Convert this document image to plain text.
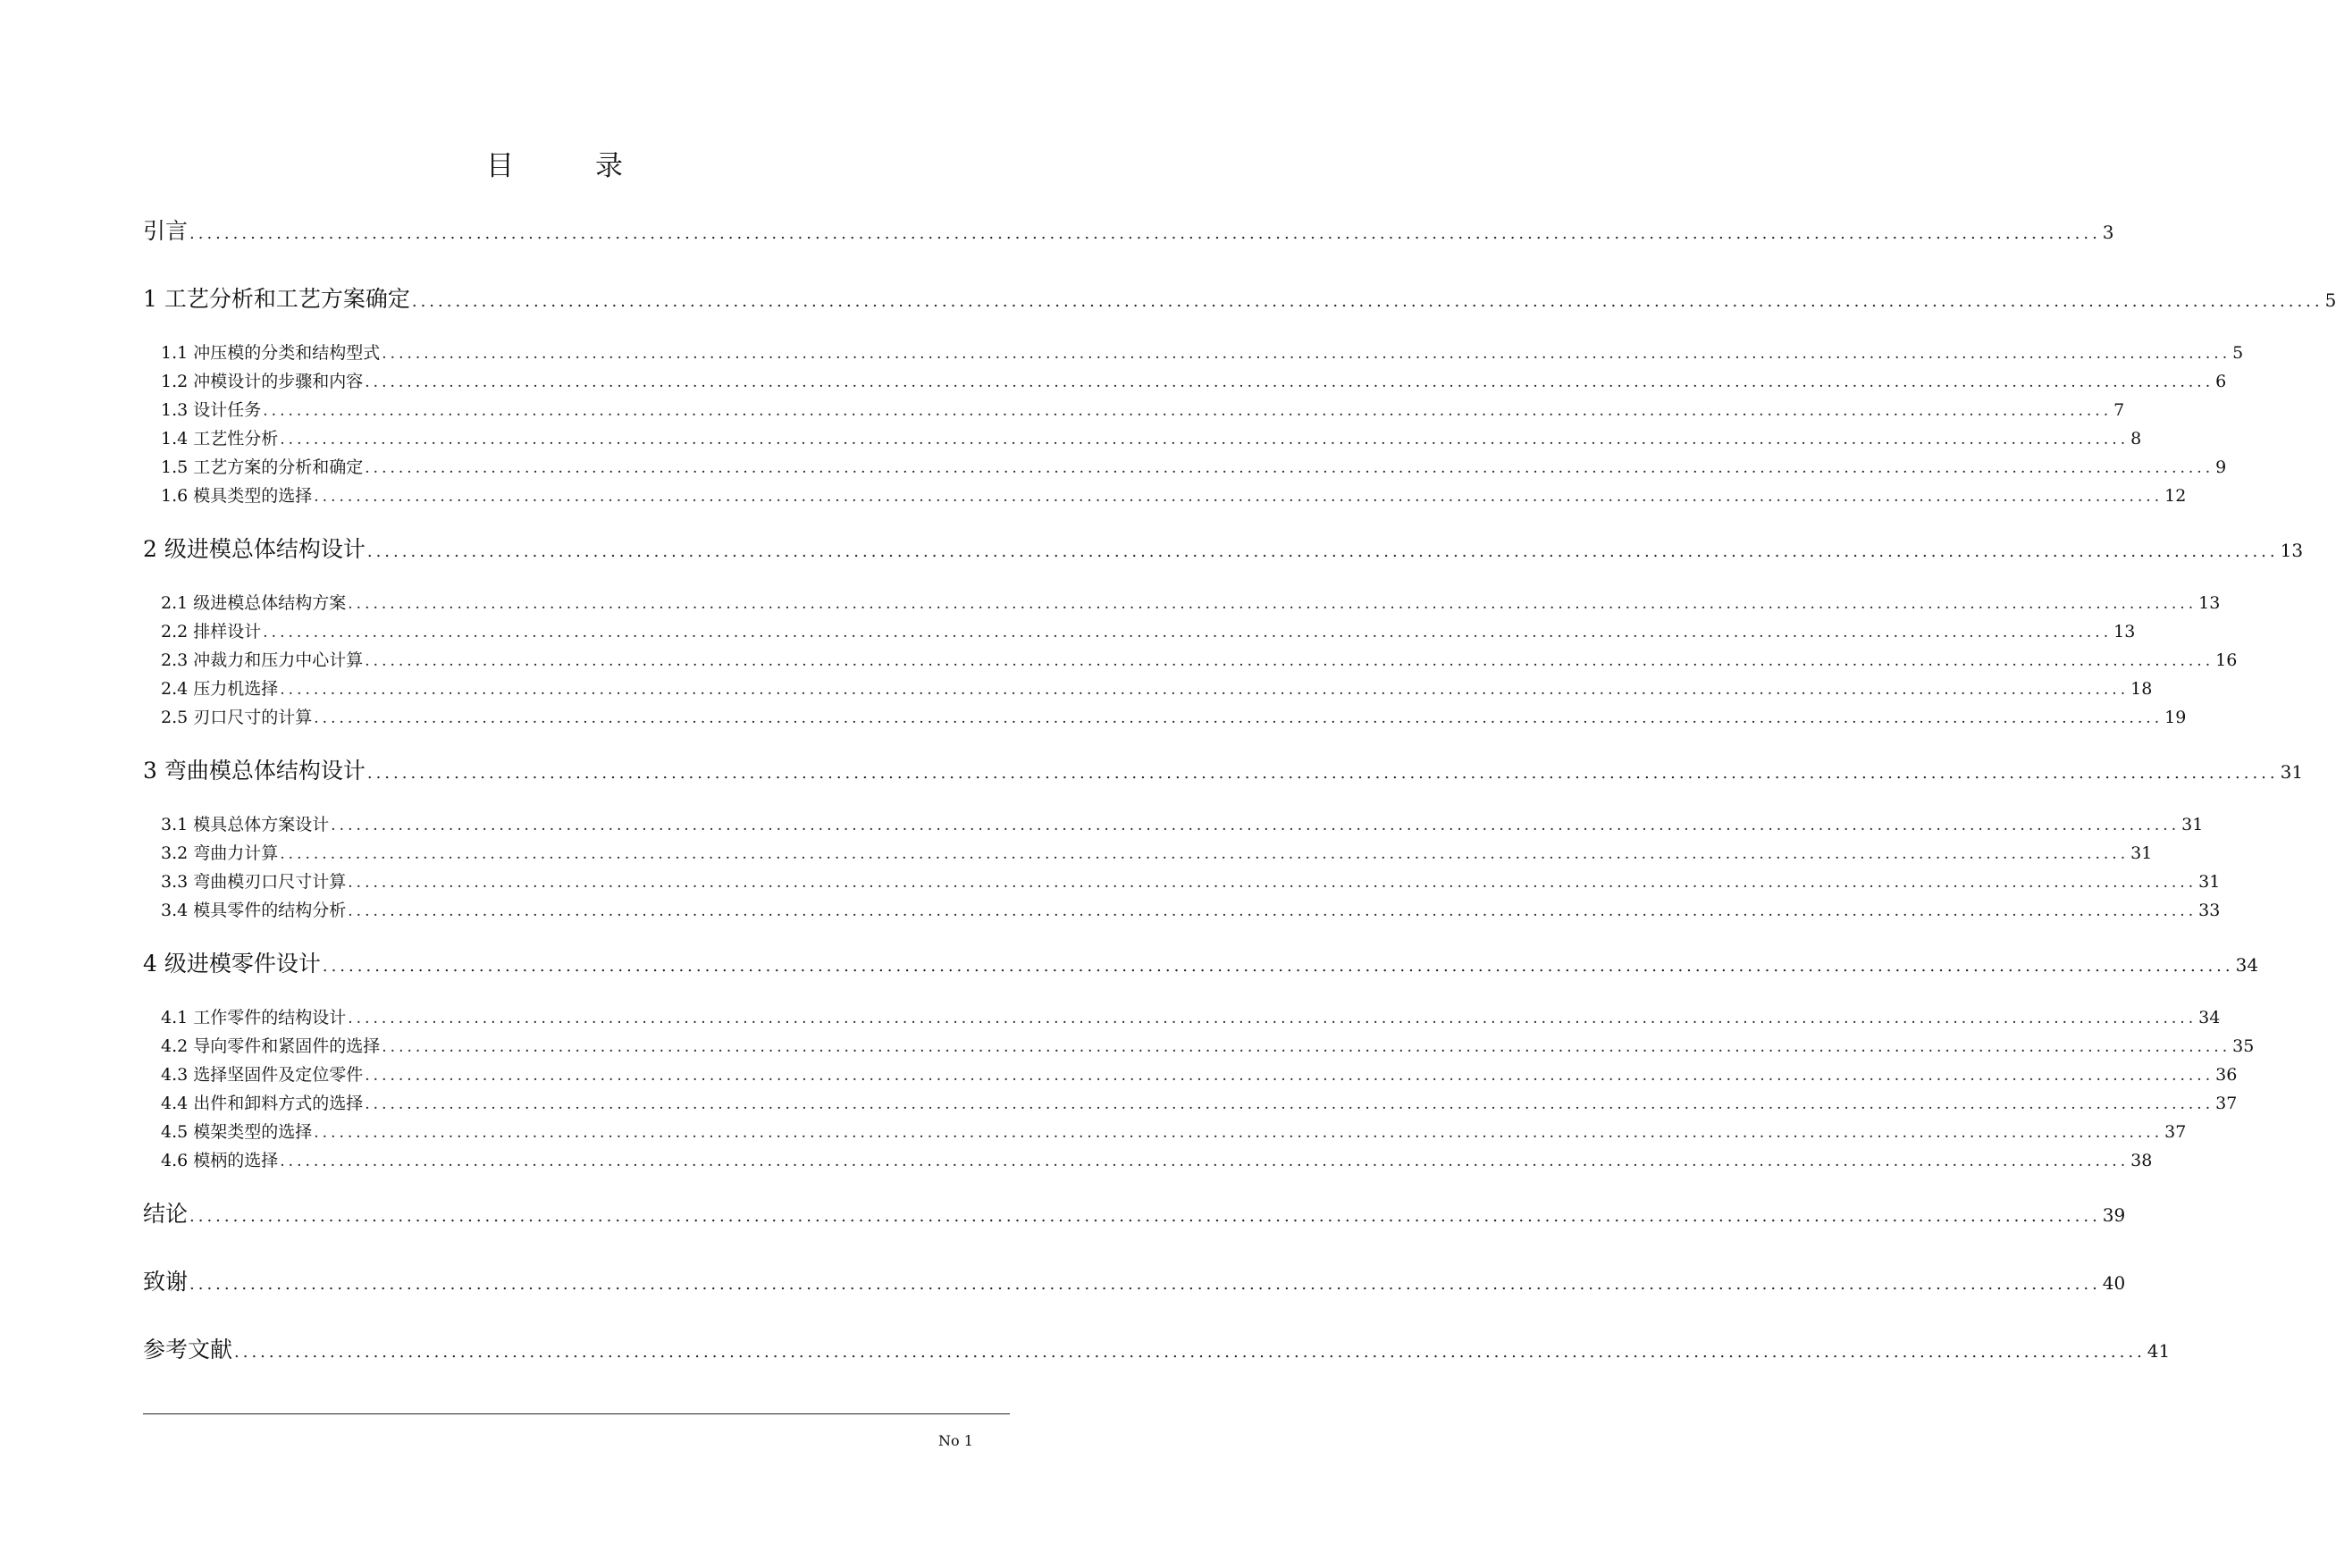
目　录
引言 ............................................................................................................................................................................................................................ 3
1 工艺分析和工艺方案确定 ............................................................................................................................................................................................................................ 5
1.1 冲压模的分类和结构型式 ............................................................................................................................................................................................................................ 5
1.2 冲模设计的步骤和内容 ............................................................................................................................................................................................................................ 6
1.3 设计任务 ............................................................................................................................................................................................................................ 7
1.4 工艺性分析 ............................................................................................................................................................................................................................ 8
1.5 工艺方案的分析和确定 ............................................................................................................................................................................................................................ 9
1.6 模具类型的选择 ............................................................................................................................................................................................................................ 12
2 级进模总体结构设计 ............................................................................................................................................................................................................................ 13
2.1 级进模总体结构方案 ............................................................................................................................................................................................................................ 13
2.2 排样设计 ............................................................................................................................................................................................................................ 13
2.3 冲裁力和压力中心计算 ............................................................................................................................................................................................................................ 16
2.4 压力机选择 ............................................................................................................................................................................................................................ 18
2.5 刃口尺寸的计算 ............................................................................................................................................................................................................................ 19
3 弯曲模总体结构设计 ............................................................................................................................................................................................................................ 31
3.1 模具总体方案设计 ............................................................................................................................................................................................................................ 31
3.2 弯曲力计算 ............................................................................................................................................................................................................................ 31
3.3 弯曲模刃口尺寸计算 ............................................................................................................................................................................................................................ 31
3.4 模具零件的结构分析 ............................................................................................................................................................................................................................ 33
4 级进模零件设计 ............................................................................................................................................................................................................................ 34
4.1 工作零件的结构设计 ............................................................................................................................................................................................................................ 34
4.2 导向零件和紧固件的选择 ............................................................................................................................................................................................................................ 35
4.3 选择坚固件及定位零件 ............................................................................................................................................................................................................................ 36
4.4 出件和卸料方式的选择 ............................................................................................................................................................................................................................ 37
4.5 模架类型的选择 ............................................................................................................................................................................................................................ 37
4.6 模柄的选择 ............................................................................................................................................................................................................................ 38
结论 ............................................................................................................................................................................................................................ 39
致谢 ............................................................................................................................................................................................................................ 40
参考文献 ............................................................................................................................................................................................................................ 41
No 1
